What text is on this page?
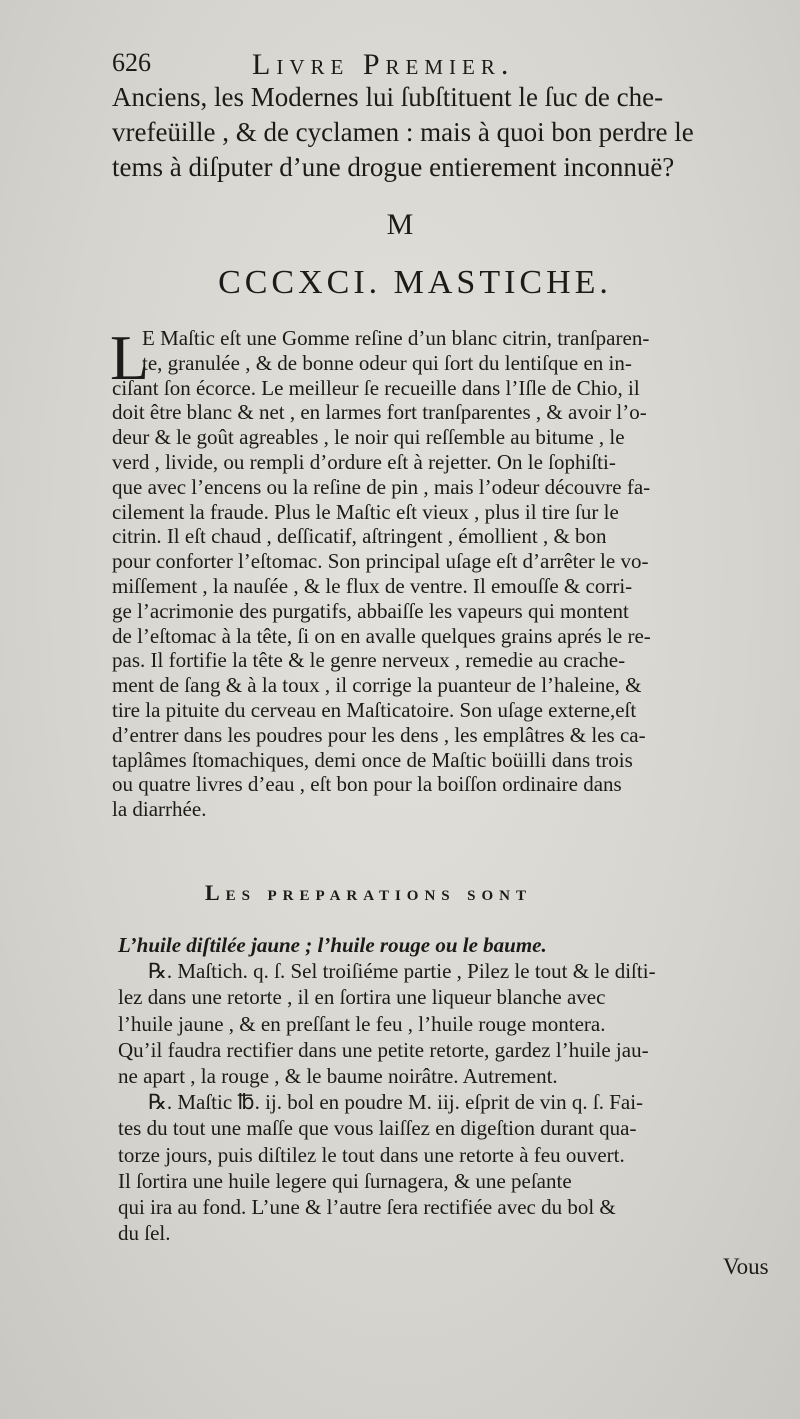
626	Livre Premier.
Anciens, les Modernes lui ſubſtituent le ſuc de che-
vrefeüille , & de cyclamen : mais à quoi bon perdre le
tems à diſputer d’une drogue entierement inconnuë?
M
CCCXCI. MASTICHE.
L
E Maſtic eſt une Gomme reſine d’un blanc citrin, tranſparen-
te, granulée , & de bonne odeur qui ſort du lentiſque en in-
ciſant ſon écorce. Le meilleur ſe recueille dans l’Iſle de Chio, il
doit être blanc & net , en larmes fort tranſparentes , & avoir l’o-
deur & le goût agreables , le noir qui reſſemble au bitume , le
verd , livide, ou rempli d’ordure eſt à rejetter. On le ſophiſti-
que avec l’encens ou la reſine de pin , mais l’odeur découvre fa-
cilement la fraude. Plus le Maſtic eſt vieux , plus il tire ſur le
citrin. Il eſt chaud , deſſicatif, aſtringent , émollient , & bon
pour conforter l’eſtomac. Son principal uſage eſt d’arrêter le vo-
miſſement , la nauſée , & le flux de ventre. Il emouſſe & corri-
ge l’acrimonie des purgatifs, abbaiſſe les vapeurs qui montent
de l’eſtomac à la tête, ſi on en avalle quelques grains aprés le re-
pas. Il fortifie la tête & le genre nerveux , remedie au crache-
ment de ſang & à la toux , il corrige la puanteur de l’haleine, &
tire la pituite du cerveau en Maſticatoire. Son uſage externe,eſt
d’entrer dans les poudres pour les dens , les emplâtres & les ca-
taplâmes ſtomachiques, demi once de Maſtic boüilli dans trois
ou quatre livres d’eau , eſt bon pour la boiſſon ordinaire dans
la diarrhée.
Les preparations sont
L’huile diſtilée jaune ; l’huile rouge ou le baume.
℞. Maſtich. q. ſ. Sel troiſiéme partie , Pilez le tout & le diſti-
lez dans une retorte , il en ſortira une liqueur blanche avec
l’huile jaune , & en preſſant le feu , l’huile rouge montera.
Qu’il faudra rectifier dans une petite retorte, gardez l’huile jau-
ne apart , la rouge , & le baume noirâtre. Autrement.
℞. Maſtic ℔. ij. bol en poudre M. iij. eſprit de vin q. ſ. Fai-
tes du tout une maſſe que vous laiſſez en digeſtion durant qua-
torze jours, puis diſtilez le tout dans une retorte à feu ouvert.
Il ſortira une huile legere qui ſurnagera, & une peſante
qui ira au fond. L’une & l’autre ſera rectifiée avec du bol &
du ſel.
Vous
